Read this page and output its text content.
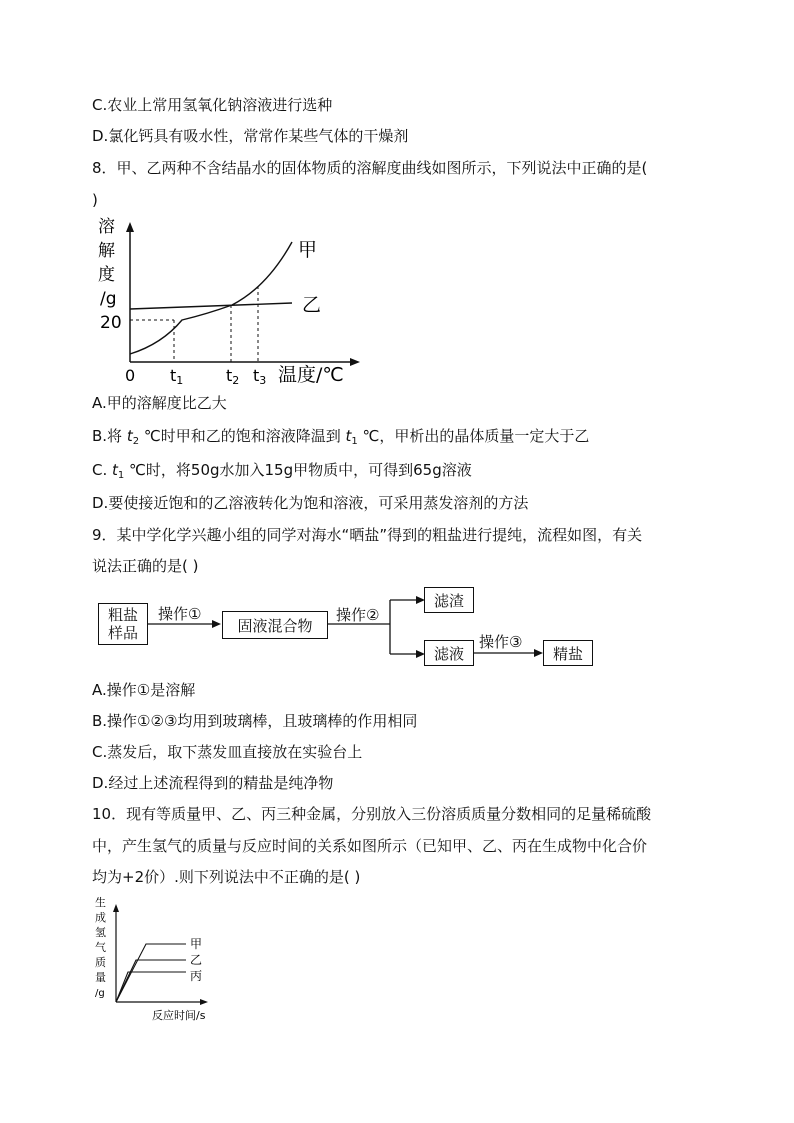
C.农业上常用氢氧化钠溶液进行选种
D.氯化钙具有吸水性，常常作某些气体的干燥剂
8．甲、乙两种不含结晶水的固体物质的溶解度曲线如图所示，下列说法中正确的是(
)
溶
解
度
/g
20
0 t1	t2 t3 温度/℃
甲
乙
A.甲的溶解度比乙大
B.将 $t_2$ ℃时甲和乙的饱和溶液降温到 $t_1$ ℃，甲析出的晶体质量一定大于乙
C. $t_1$ ℃时，将50g水加入15g甲物质中，可得到65g溶液
D.要使接近饱和的乙溶液转化为饱和溶液，可采用蒸发溶剂的方法
9．某中学化学兴趣小组的同学对海水“晒盐”得到的粗盐进行提纯，流程如图，有关
说法正确的是( )
粗盐
样品
操作①
固液混合物
操作②
滤渣
滤液
操作③
精盐
A.操作①是溶解
B.操作①②③均用到玻璃棒，且玻璃棒的作用相同
C.蒸发后，取下蒸发皿直接放在实验台上
D.经过上述流程得到的精盐是纯净物
10．现有等质量甲、乙、丙三种金属，分别放入三份溶质质量分数相同的足量稀硫酸
中，产生氢气的质量与反应时间的关系如图所示（已知甲、乙、丙在生成物中化合价
均为+2价）.则下列说法中不正确的是( )
生
成
氢
气
质
量
/g
甲
乙
丙
反应时间/s
